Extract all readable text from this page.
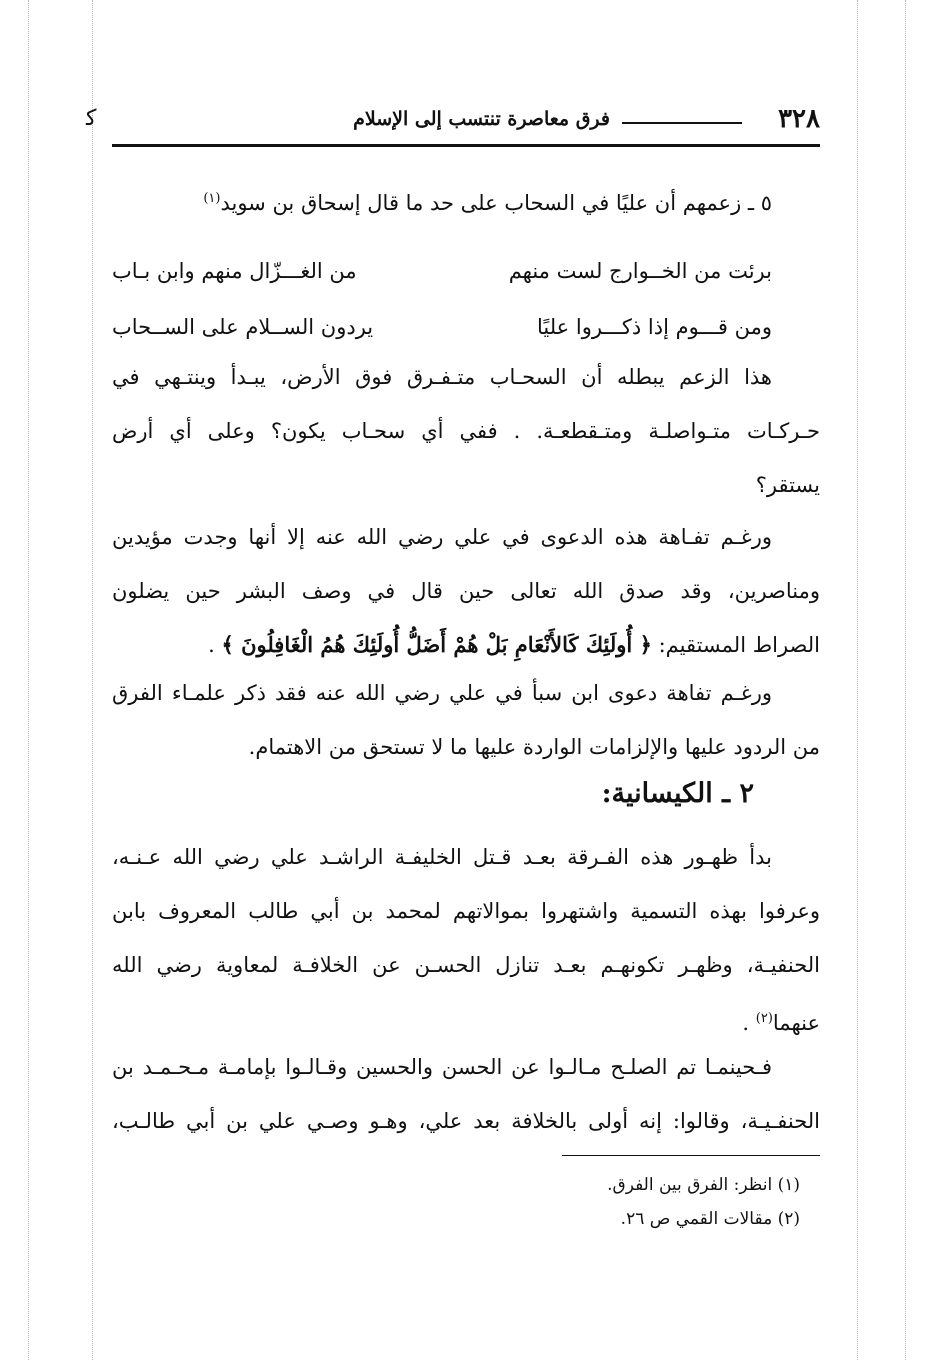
٣٢٨
فرق معاصرة تنتسب إلى الإسلام
ﻛ
٥ ـ زعمهم أن عليًا في السحاب على حد ما قال إسحاق بن سويد$^{(١)}$
برئت من الخــوارج لست منهم
من الغـــزّال منهم وابن بـاب
ومن قـــوم إذا ذكـــروا عليًا
يردون الســلام على الســحاب
هذا الزعم يبطله أن السحـاب متـفـرق فوق الأرض، يبـدأ وينتـهي في
حـركـات متـواصلـة ومتـقطعـة. . ففي أي سحـاب يكون؟ وعلى أي أرض
يستقر؟
ورغـم تفـاهة هذه الدعوى في علي رضي الله عنه إلا أنها وجدت مؤيدين
ومناصرين، وقد صدق الله تعالى حين قال في وصف البشر حين يضلون
الصراط المستقيم: ﴿ أُولَئِكَ كَالأَنْعَامِ بَلْ هُمْ أَضَلُّ أُولَئِكَ هُمُ الْغَافِلُونَ ﴾ .
ورغـم تفاهة دعوى ابن سبأ في علي رضي الله عنه فقد ذكر علمـاء الفرق
من الردود عليها والإلزامات الواردة عليها ما لا تستحق من الاهتمام.
٢ ـ الكيسانية:
بدأ ظهـور هذه الفـرقة بعـد قـتل الخليفـة الراشـد علي رضي الله عـنـه،
وعرفوا بهذه التسمية واشتهروا بموالاتهم لمحمد بن أبي طالب المعروف بابن
الحنفيـة، وظهـر تكونهـم بعـد تنازل الحسـن عن الخلافـة لمعاوية رضي الله
عنهما$^{(٢)}$ .
فـحينمـا تم الصلـح مـالـوا عن الحسن والحسين وقـالـوا بإمامـة مـحـمـد بن
الحنفـيـة، وقالوا: إنه أولى بالخلافة بعد علي، وهـو وصـي علي بن أبي طالـب،
(١) انظر: الفرق بين الفرق.
(٢) مقالات القمي ص ٢٦.
